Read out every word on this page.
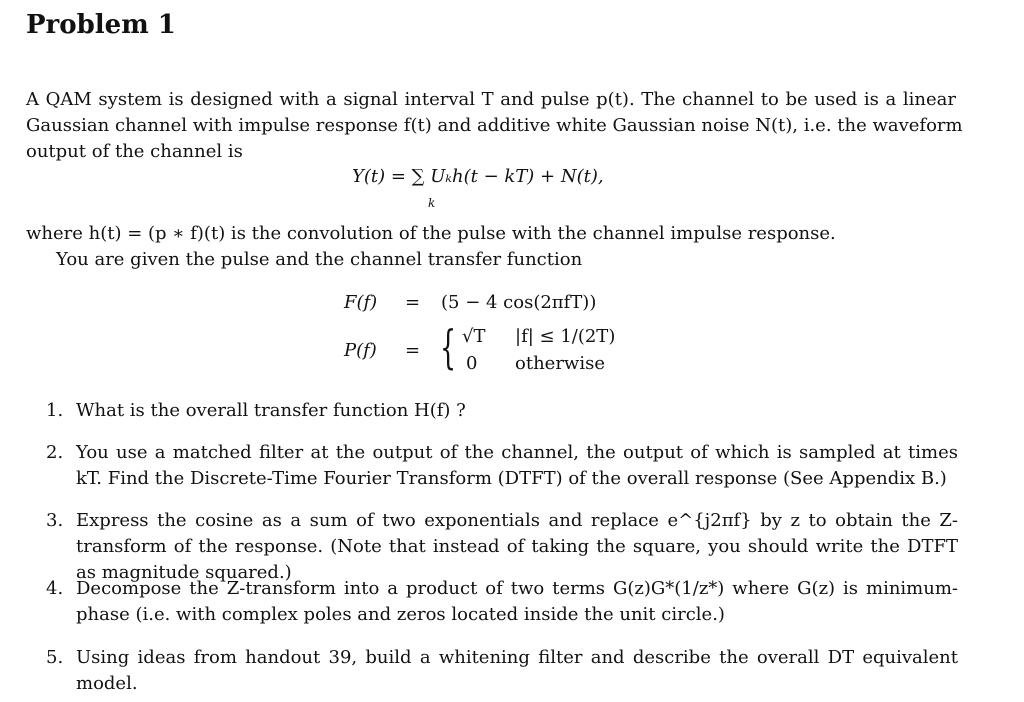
Problem 1
A QAM system is designed with a signal interval T and pulse p(t). The channel to be used is a linear
Gaussian channel with impulse response f(t) and additive white Gaussian noise N(t), i.e. the waveform
output of the channel is
Y(t) = ∑ Uₖh(t − kT) + N(t),
k
where h(t) = (p ∗ f)(t) is the convolution of the pulse with the channel impulse response.
You are given the pulse and the channel transfer function
F(f) = (5 − 4 cos(2πfT))
P(f) = { √T |f| ≤ 1/(2T)
0 otherwise
1. What is the overall transfer function H(f) ?
2. You use a matched filter at the output of the channel, the output of which is sampled at times kT. Find the Discrete-Time Fourier Transform (DTFT) of the overall response (See Appendix B.)
3. Express the cosine as a sum of two exponentials and replace e^{j2πf} by z to obtain the Z-transform of the response. (Note that instead of taking the square, you should write the DTFT as magnitude squared.)
4. Decompose the Z-transform into a product of two terms G(z)G*(1/z*) where G(z) is minimum-phase (i.e. with complex poles and zeros located inside the unit circle.)
5. Using ideas from handout 39, build a whitening filter and describe the overall DT equivalent model.
